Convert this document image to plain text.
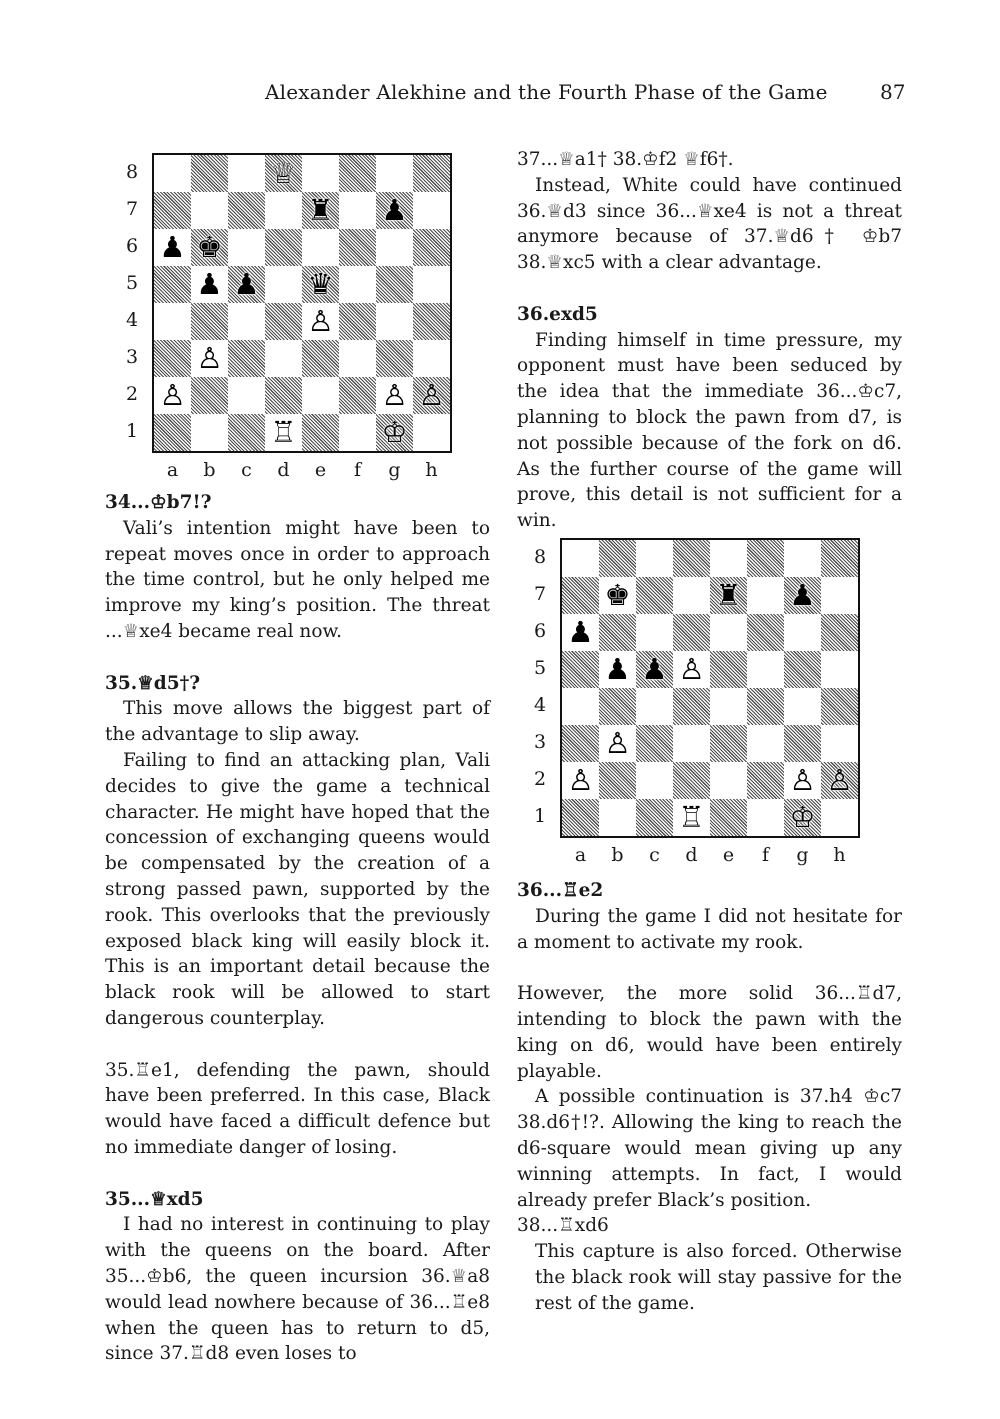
Alexander Alekhine and the Fourth Phase of the Game	87
♕
♜ ♟
♟ ♚
♟ ♟ ♛
♙
♙
♙	♙ ♙
♖	♔
8
7
6
5
4
3
2
1
a	b	c	d	e	f	g	h

34...♔b7!?

Vali’s intention might have been to repeat moves once in order to approach the time control, but he only helped me improve my king’s position. The threat ...♕xe4 became real now.

35.♕d5†?

This move allows the biggest part of the advantage to slip away.

Failing to find an attacking plan, Vali decides to give the game a technical character. He might have hoped that the concession of exchanging queens would be compensated by the creation of a strong passed pawn, supported by the rook. This overlooks that the previously exposed black king will easily block it. This is an important detail because the black rook will be allowed to start dangerous counterplay.

35.♖e1, defending the pawn, should have been preferred. In this case, Black would have faced a difficult defence but no immediate danger of losing.

35...♕xd5

I had no interest in continuing to play with the queens on the board. After 35...♔b6, the queen incursion 36.♕a8 would lead nowhere because of 36...♖e8 when the queen has to return to d5, since 37.♖d8 even loses to

37...♕a1† 38.♔f2 ♕f6†.

Instead, White could have continued 36.♕d3 since 36...♕xe4 is not a threat anymore because of 37.♕d6† ♔b7 38.♕xc5 with a clear advantage.

36.exd5

Finding himself in time pressure, my opponent must have been seduced by the idea that the immediate 36...♔c7, planning to block the pawn from d7, is not possible because of the fork on d6. As the further course of the game will prove, this detail is not sufficient for a win.

♚	♜ ♟
♟
♟ ♟ ♙
♙
♙	♙ ♙
♖	♔
8
7
6
5
4
3
2
1
a	b	c	d	e	f	g	h

36...♖e2

During the game I did not hesitate for a moment to activate my rook.

However, the more solid 36...♖d7, intending to block the pawn with the king on d6, would have been entirely playable.

A possible continuation is 37.h4 ♔c7 38.d6†!?. Allowing the king to reach the d6-square would mean giving up any winning attempts. In fact, I would already prefer Black’s position.

38...♖xd6

This capture is also forced. Otherwise the black rook will stay passive for the rest of the game.
